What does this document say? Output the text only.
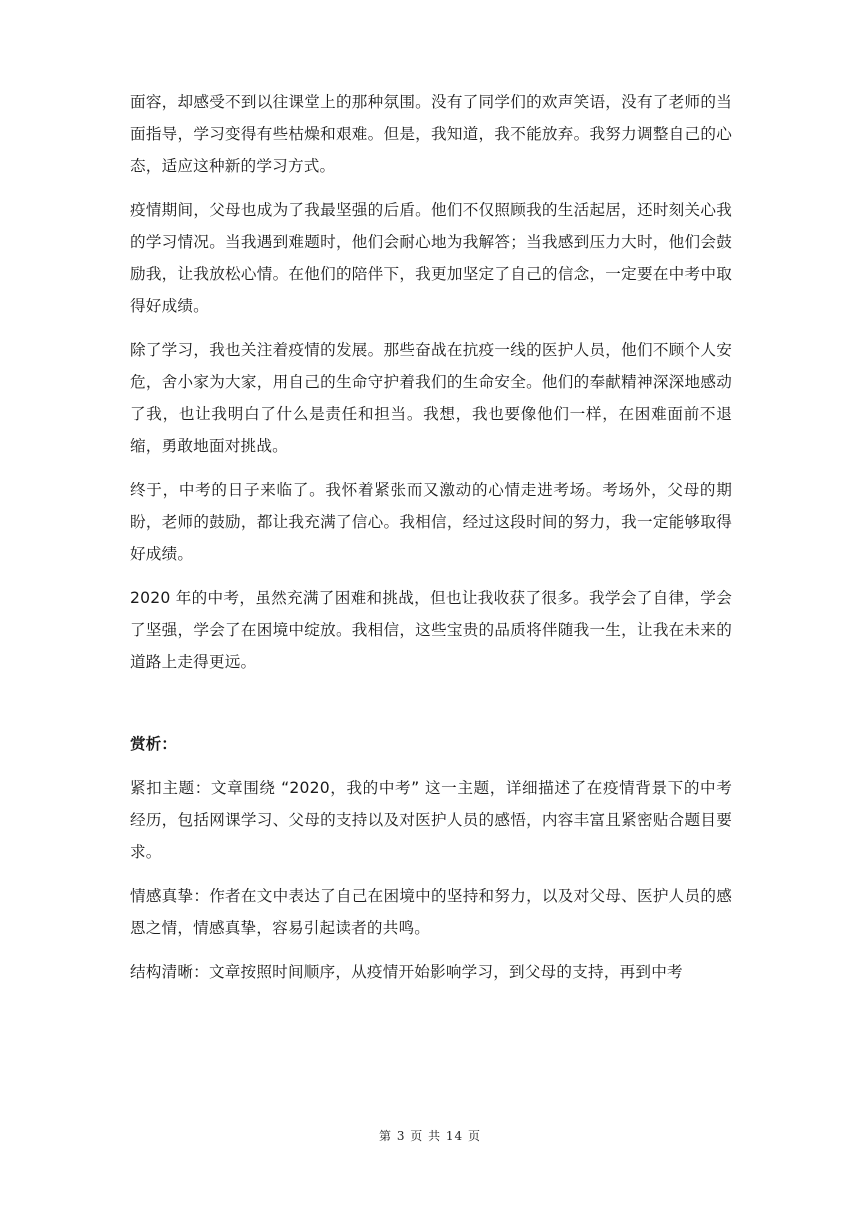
面容，却感受不到以往课堂上的那种氛围。没有了同学们的欢声笑语，没有了老师的当面指导，学习变得有些枯燥和艰难。但是，我知道，我不能放弃。我努力调整自己的心态，适应这种新的学习方式。

疫情期间，父母也成为了我最坚强的后盾。他们不仅照顾我的生活起居，还时刻关心我的学习情况。当我遇到难题时，他们会耐心地为我解答；当我感到压力大时，他们会鼓励我，让我放松心情。在他们的陪伴下，我更加坚定了自己的信念，一定要在中考中取得好成绩。

除了学习，我也关注着疫情的发展。那些奋战在抗疫一线的医护人员，他们不顾个人安危，舍小家为大家，用自己的生命守护着我们的生命安全。他们的奉献精神深深地感动了我，也让我明白了什么是责任和担当。我想，我也要像他们一样，在困难面前不退缩，勇敢地面对挑战。

终于，中考的日子来临了。我怀着紧张而又激动的心情走进考场。考场外，父母的期盼，老师的鼓励，都让我充满了信心。我相信，经过这段时间的努力，我一定能够取得好成绩。

2020 年的中考，虽然充满了困难和挑战，但也让我收获了很多。我学会了自律，学会了坚强，学会了在困境中绽放。我相信，这些宝贵的品质将伴随我一生，让我在未来的道路上走得更远。

赏析：

紧扣主题：文章围绕 “2020，我的中考” 这一主题，详细描述了在疫情背景下的中考经历，包括网课学习、父母的支持以及对医护人员的感悟，内容丰富且紧密贴合题目要求。

情感真挚：作者在文中表达了自己在困境中的坚持和努力，以及对父母、医护人员的感恩之情，情感真挚，容易引起读者的共鸣。

结构清晰：文章按照时间顺序，从疫情开始影响学习，到父母的支持，再到中考

第 3 页 共 14 页
